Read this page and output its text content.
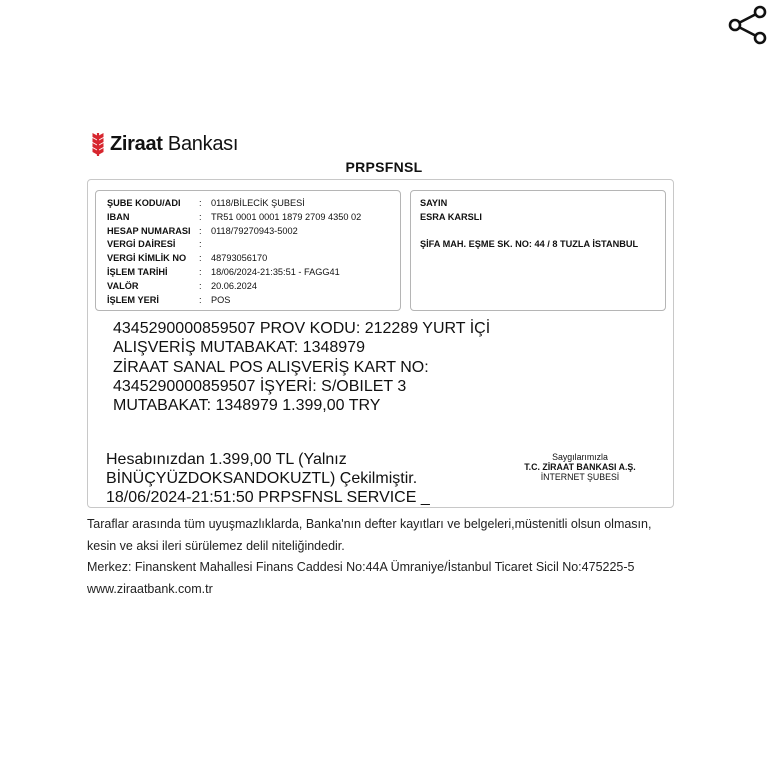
Ziraat Bankası
PRPSFNSL
ŞUBE KODU/ADI	:	0118/BİLECİK ŞUBESİ
IBAN	:	TR51 0001 0001 1879 2709 4350 02
HESAP NUMARASI :	0118/79270943-5002
VERGİ DAİRESİ	:
VERGİ KİMLİK NO	:	48793056170
İŞLEM TARİHİ	:	18/06/2024-21:35:51 - FAGG41
VALÖR	:	20.06.2024
İŞLEM YERİ	:	POS
SAYIN
ESRA KARSLI
ŞİFA MAH. EŞME SK. NO: 44 / 8 TUZLA İSTANBUL
4345290000859507 PROV KODU: 212289 YURT İÇİ
ALIŞVERİŞ MUTABAKAT: 1348979
ZİRAAT SANAL POS ALIŞVERİŞ KART NO:
4345290000859507 İŞYERİ: S/OBILET 3
MUTABAKAT: 1348979 1.399,00 TRY
Hesabınızdan 1.399,00 TL (Yalnız
BİNÜÇYÜZDOKSANDOKUZTL) Çekilmiştir.
18/06/2024-21:51:50 PRPSFNSL SERVICE _
Saygılarımızla
T.C. ZİRAAT BANKASI A.Ş.
İNTERNET ŞUBESİ

Taraflar arasında tüm uyuşmazlıklarda, Banka'nın defter kayıtları ve belgeleri,müstenitli olsun olmasın,

kesin ve aksi ileri sürülemez delil niteliğindedir.

Merkez: Finanskent Mahallesi Finans Caddesi No:44A Ümraniye/İstanbul Ticaret Sicil No:475225-5

www.ziraatbank.com.tr
